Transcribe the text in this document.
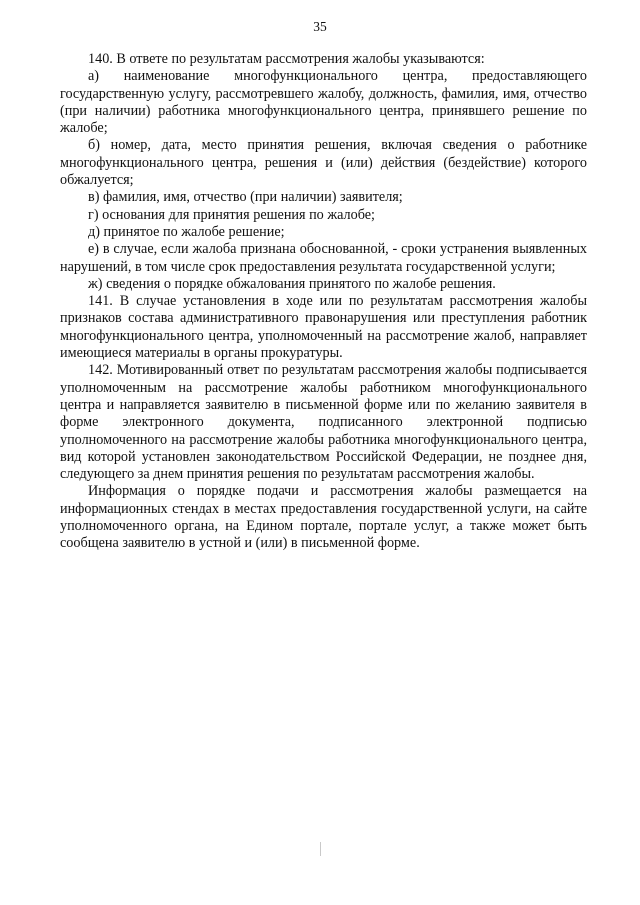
35

140. В ответе по результатам рассмотрения жалобы указываются:

а) наименование многофункционального центра, предоставляющего государственную услугу, рассмотревшего жалобу, должность, фамилия, имя, отчество (при наличии) работника многофункционального центра, принявшего решение по жалобе;

б) номер, дата, место принятия решения, включая сведения о работнике многофункционального центра, решения и (или) действия (бездействие) которого обжалуется;

в) фамилия, имя, отчество (при наличии) заявителя;

г) основания для принятия решения по жалобе;

д) принятое по жалобе решение;

е) в случае, если жалоба признана обоснованной, - сроки устранения выявленных нарушений, в том числе срок предоставления результата государственной услуги;

ж) сведения о порядке обжалования принятого по жалобе решения.

141. В случае установления в ходе или по результатам рассмотрения жалобы признаков состава административного правонарушения или преступления работник многофункционального центра, уполномоченный на рассмотрение жалоб, направляет имеющиеся материалы в органы прокуратуры.

142. Мотивированный ответ по результатам рассмотрения жалобы подписывается уполномоченным на рассмотрение жалобы работником многофункционального центра и направляется заявителю в письменной форме или по желанию заявителя в форме электронного документа, подписанного электронной подписью уполномоченного на рассмотрение жалобы работника многофункционального центра, вид которой установлен законодательством Российской Федерации, не позднее дня, следующего за днем принятия решения по результатам рассмотрения жалобы.

Информация о порядке подачи и рассмотрения жалобы размещается на информационных стендах в местах предоставления государственной услуги, на сайте уполномоченного органа, на Едином портале, портале услуг, а также может быть сообщена заявителю в устной и (или) в письменной форме.
